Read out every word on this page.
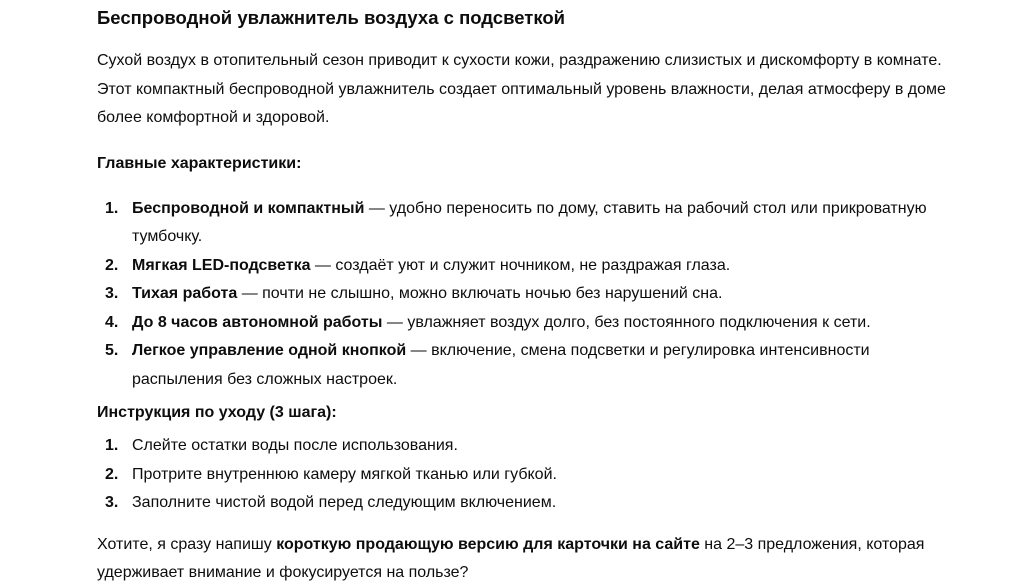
Беспроводной увлажнитель воздуха с подсветкой

Сухой воздух в отопительный сезон приводит к сухости кожи, раздражению слизистых и дискомфорту в комнате. Этот компактный беспроводной увлажнитель создает оптимальный уровень влажности, делая атмосферу в доме более комфортной и здоровой.

Главные характеристики:
1. Беспроводной и компактный — удобно переносить по дому, ставить на рабочий стол или прикроватную тумбочку.
2. Мягкая LED-подсветка — создаёт уют и служит ночником, не раздражая глаза.
3. Тихая работа — почти не слышно, можно включать ночью без нарушений сна.
4. До 8 часов автономной работы — увлажняет воздух долго, без постоянного подключения к сети.
5. Легкое управление одной кнопкой — включение, смена подсветки и регулировка интенсивности распыления без сложных настроек.
Инструкция по уходу (3 шага):
1. Слейте остатки воды после использования.
2. Протрите внутреннюю камеру мягкой тканью или губкой.
3. Заполните чистой водой перед следующим включением.

Хотите, я сразу напишу короткую продающую версию для карточки на сайте на 2–3 предложения, которая удерживает внимание и фокусируется на пользе?
